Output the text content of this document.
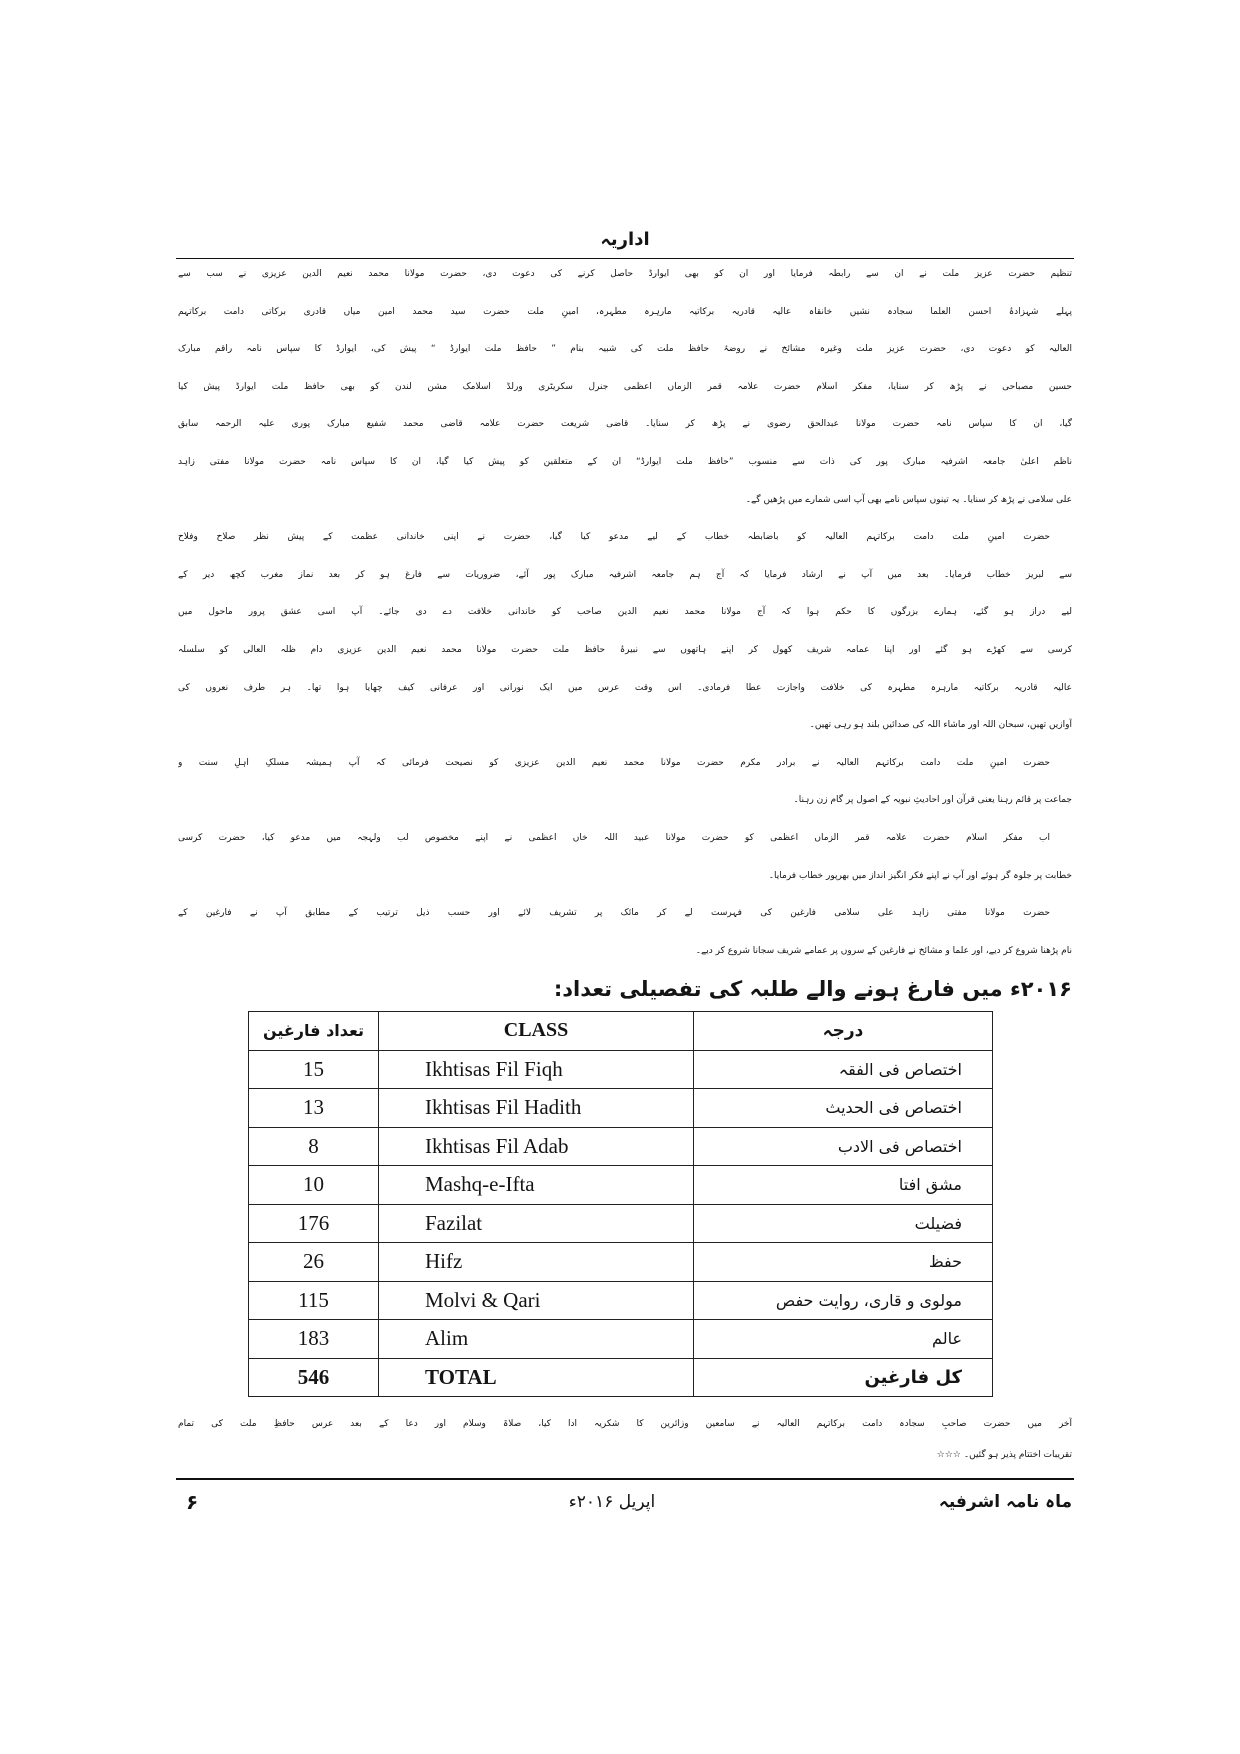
اداریہ
تنظیم حضرت عزیز ملت نے ان سے رابطہ فرمایا اور ان کو بھی ایوارڈ حاصل کرنے کی دعوت دی، حضرت مولانا محمد نعیم الدین عزیزی نے سب سے
پہلے شہزادۂ احسن العلما سجادہ نشیں خانقاہ عالیہ قادریہ برکاتیہ مارہرہ مطہرہ، امینِ ملت حضرت سید محمد امین میاں قادری برکاتی دامت برکاتہم
العالیہ کو دعوت دی، حضرت عزیز ملت وغیرہ مشائخ نے روضۂ حافظ ملت کی شبیہ بنام ” حافظ ملت ایوارڈ “ پیش کی، ایوارڈ کا سپاس نامہ راقم مبارک
حسین مصباحی نے پڑھ کر سنایا، مفکر اسلام حضرت علامہ قمر الزماں اعظمی جنرل سکریٹری ورلڈ اسلامک مشن لندن کو بھی حافظ ملت ایوارڈ پیش کیا
گیا، ان کا سپاس نامہ حضرت مولانا عبدالحق رضوی نے پڑھ کر سنایا۔ قاضی شریعت حضرت علامہ قاضی محمد شفیع مبارک پوری علیہ الرحمہ سابق
ناظم اعلیٰ جامعہ اشرفیہ مبارک پور کی ذات سے منسوب ”حافظ ملت ایوارڈ“ ان کے متعلقین کو پیش کیا گیا، ان کا سپاس نامہ حضرت مولانا مفتی زاہد
علی سلامی نے پڑھ کر سنایا۔ یہ تینوں سپاس نامے بھی آپ اسی شمارے میں پڑھیں گے۔
حضرت امینِ ملت دامت برکاتہم العالیہ کو باضابطہ خطاب کے لیے مدعو کیا گیا، حضرت نے اپنی خاندانی عظمت کے پیش نظر صلاح وفلاح
سے لبریز خطاب فرمایا۔ بعد میں آپ نے ارشاد فرمایا کہ آج ہم جامعہ اشرفیہ مبارک پور آئے، ضروریات سے فارغ ہو کر بعد نماز مغرب کچھ دیر کے
لیے دراز ہو گئے، ہمارے بزرگوں کا حکم ہوا کہ آج مولانا محمد نعیم الدین صاحب کو خاندانی خلافت دے دی جائے۔ آپ اسی عشق پرور ماحول میں
کرسی سے کھڑے ہو گئے اور اپنا عمامہ شریف کھول کر اپنے ہاتھوں سے نبیرۂ حافظ ملت حضرت مولانا محمد نعیم الدین عزیزی دام ظلہ العالی کو سلسلہ
عالیہ قادریہ برکاتیہ مارہرہ مطہرہ کی خلافت واجازت عطا فرمادی۔ اس وقت عرس میں ایک نورانی اور عرفانی کیف چھایا ہوا تھا۔ ہر طرف نعروں کی
آوازیں تھیں، سبحان اللہ اور ماشاء اللہ کی صدائیں بلند ہو رہی تھیں۔
حضرت امینِ ملت دامت برکاتہم العالیہ نے برادر مکرم حضرت مولانا محمد نعیم الدین عزیزی کو نصیحت فرمائی کہ آپ ہمیشہ مسلکِ اہلِ سنت و
جماعت پر قائم رہنا یعنی قرآن اور احادیثِ نبویہ کے اصول پر گام زن رہنا۔
اب مفکر اسلام حضرت علامہ قمر الزماں اعظمی کو حضرت مولانا عبید اللہ خاں اعظمی نے اپنے مخصوص لب ولہجہ میں مدعو کیا، حضرت کرسی
خطابت پر جلوہ گر ہوئے اور آپ نے اپنے فکر انگیز انداز میں بھرپور خطاب فرمایا۔
حضرت مولانا مفتی زاہد علی سلامی فارغین کی فہرست لے کر مائک پر تشریف لائے اور حسب ذیل ترتیب کے مطابق آپ نے فارغین کے
نام پڑھنا شروع کر دیے، اور علما و مشائخ نے فارغین کے سروں پر عمامے شریف سجانا شروع کر دیے۔
۲۰۱۶ء میں فارغ ہونے والے طلبہ کی تفصیلی تعداد:
تعداد فارغین	CLASS	درجہ
15	Ikhtisas Fil Fiqh	اختصاص فی الفقہ
13	Ikhtisas Fil Hadith	اختصاص فی الحدیث
8	Ikhtisas Fil Adab	اختصاص فی الادب
10	Mashq-e-Ifta	مشق افتا
176	Fazilat	فضیلت
26	Hifz	حفظ
115	Molvi & Qari	مولوی و قاری، روایت حفص
183	Alim	عالم
546	TOTAL	کل فارغین
آخر میں حضرت صاحبِ سجادہ دامت برکاتہم العالیہ نے سامعین وزائرین کا شکریہ ادا کیا، صلاۃ وسلام اور دعا کے بعد عرس حافظِ ملت کی تمام
تقریبات اختتام پذیر ہو گئیں۔ ☆☆☆
۶	اپریل ۲۰۱۶ء	ماہ نامہ اشرفیہ
